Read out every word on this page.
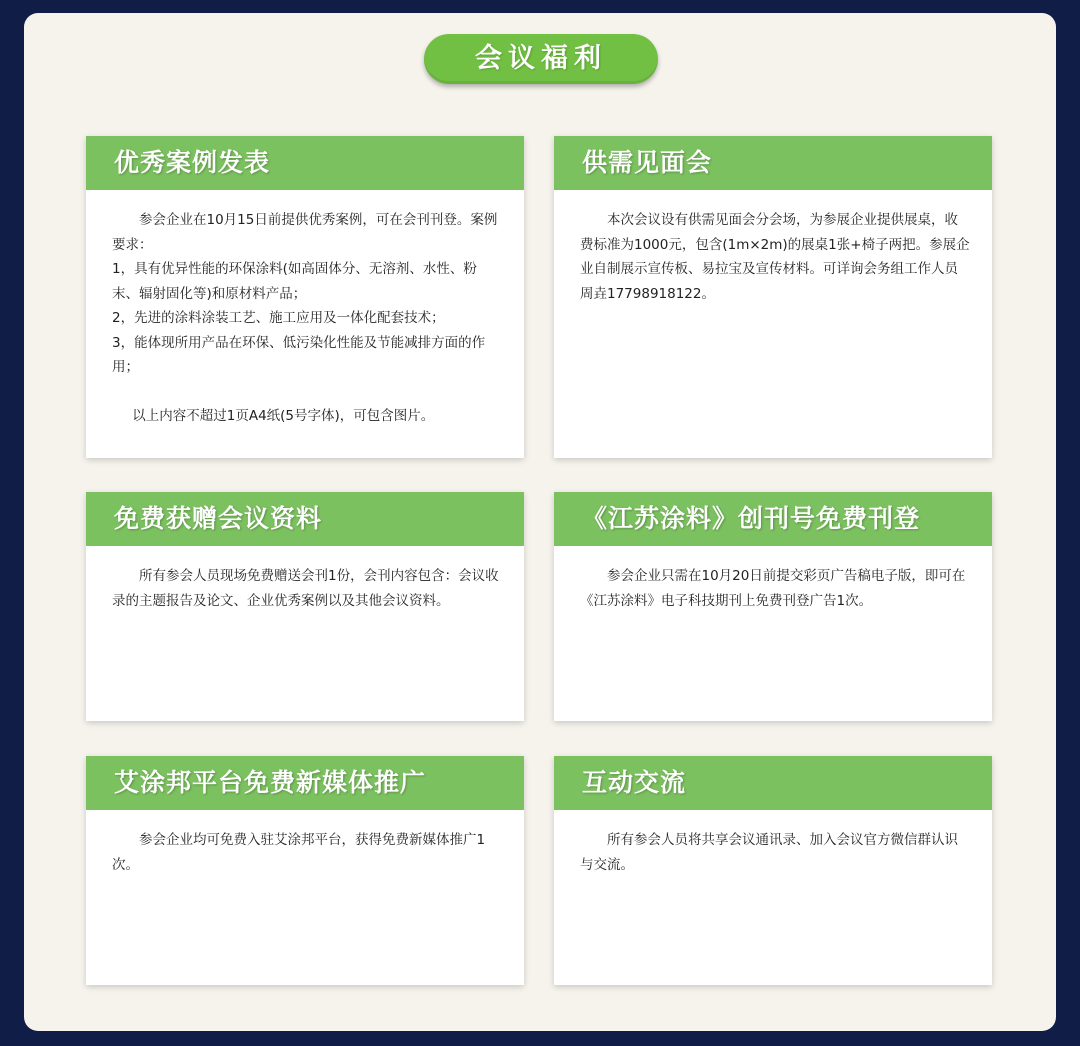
会议福利
优秀案例发表

参会企业在10月15日前提供优秀案例，可在会刊刊登。案例要求：

1，具有优异性能的环保涂料(如高固体分、无溶剂、水性、粉末、辐射固化等)和原材料产品；

2，先进的涂料涂装工艺、施工应用及一体化配套技术；

3，能体现所用产品在环保、低污染化性能及节能减排方面的作用；

以上内容不超过1页A4纸(5号字体)，可包含图片。

供需见面会

本次会议设有供需见面会分会场，为参展企业提供展桌，收费标准为1000元，包含(1m×2m)的展桌1张+椅子两把。参展企业自制展示宣传板、易拉宝及宣传材料。可详询会务组工作人员周垚17798918122。

免费获赠会议资料

所有参会人员现场免费赠送会刊1份，会刊内容包含：会议收录的主题报告及论文、企业优秀案例以及其他会议资料。

《江苏涂料》创刊号免费刊登

参会企业只需在10月20日前提交彩页广告稿电子版，即可在《江苏涂料》电子科技期刊上免费刊登广告1次。

艾涂邦平台免费新媒体推广

参会企业均可免费入驻艾涂邦平台，获得免费新媒体推广1次。

互动交流

所有参会人员将共享会议通讯录、加入会议官方微信群认识与交流。
